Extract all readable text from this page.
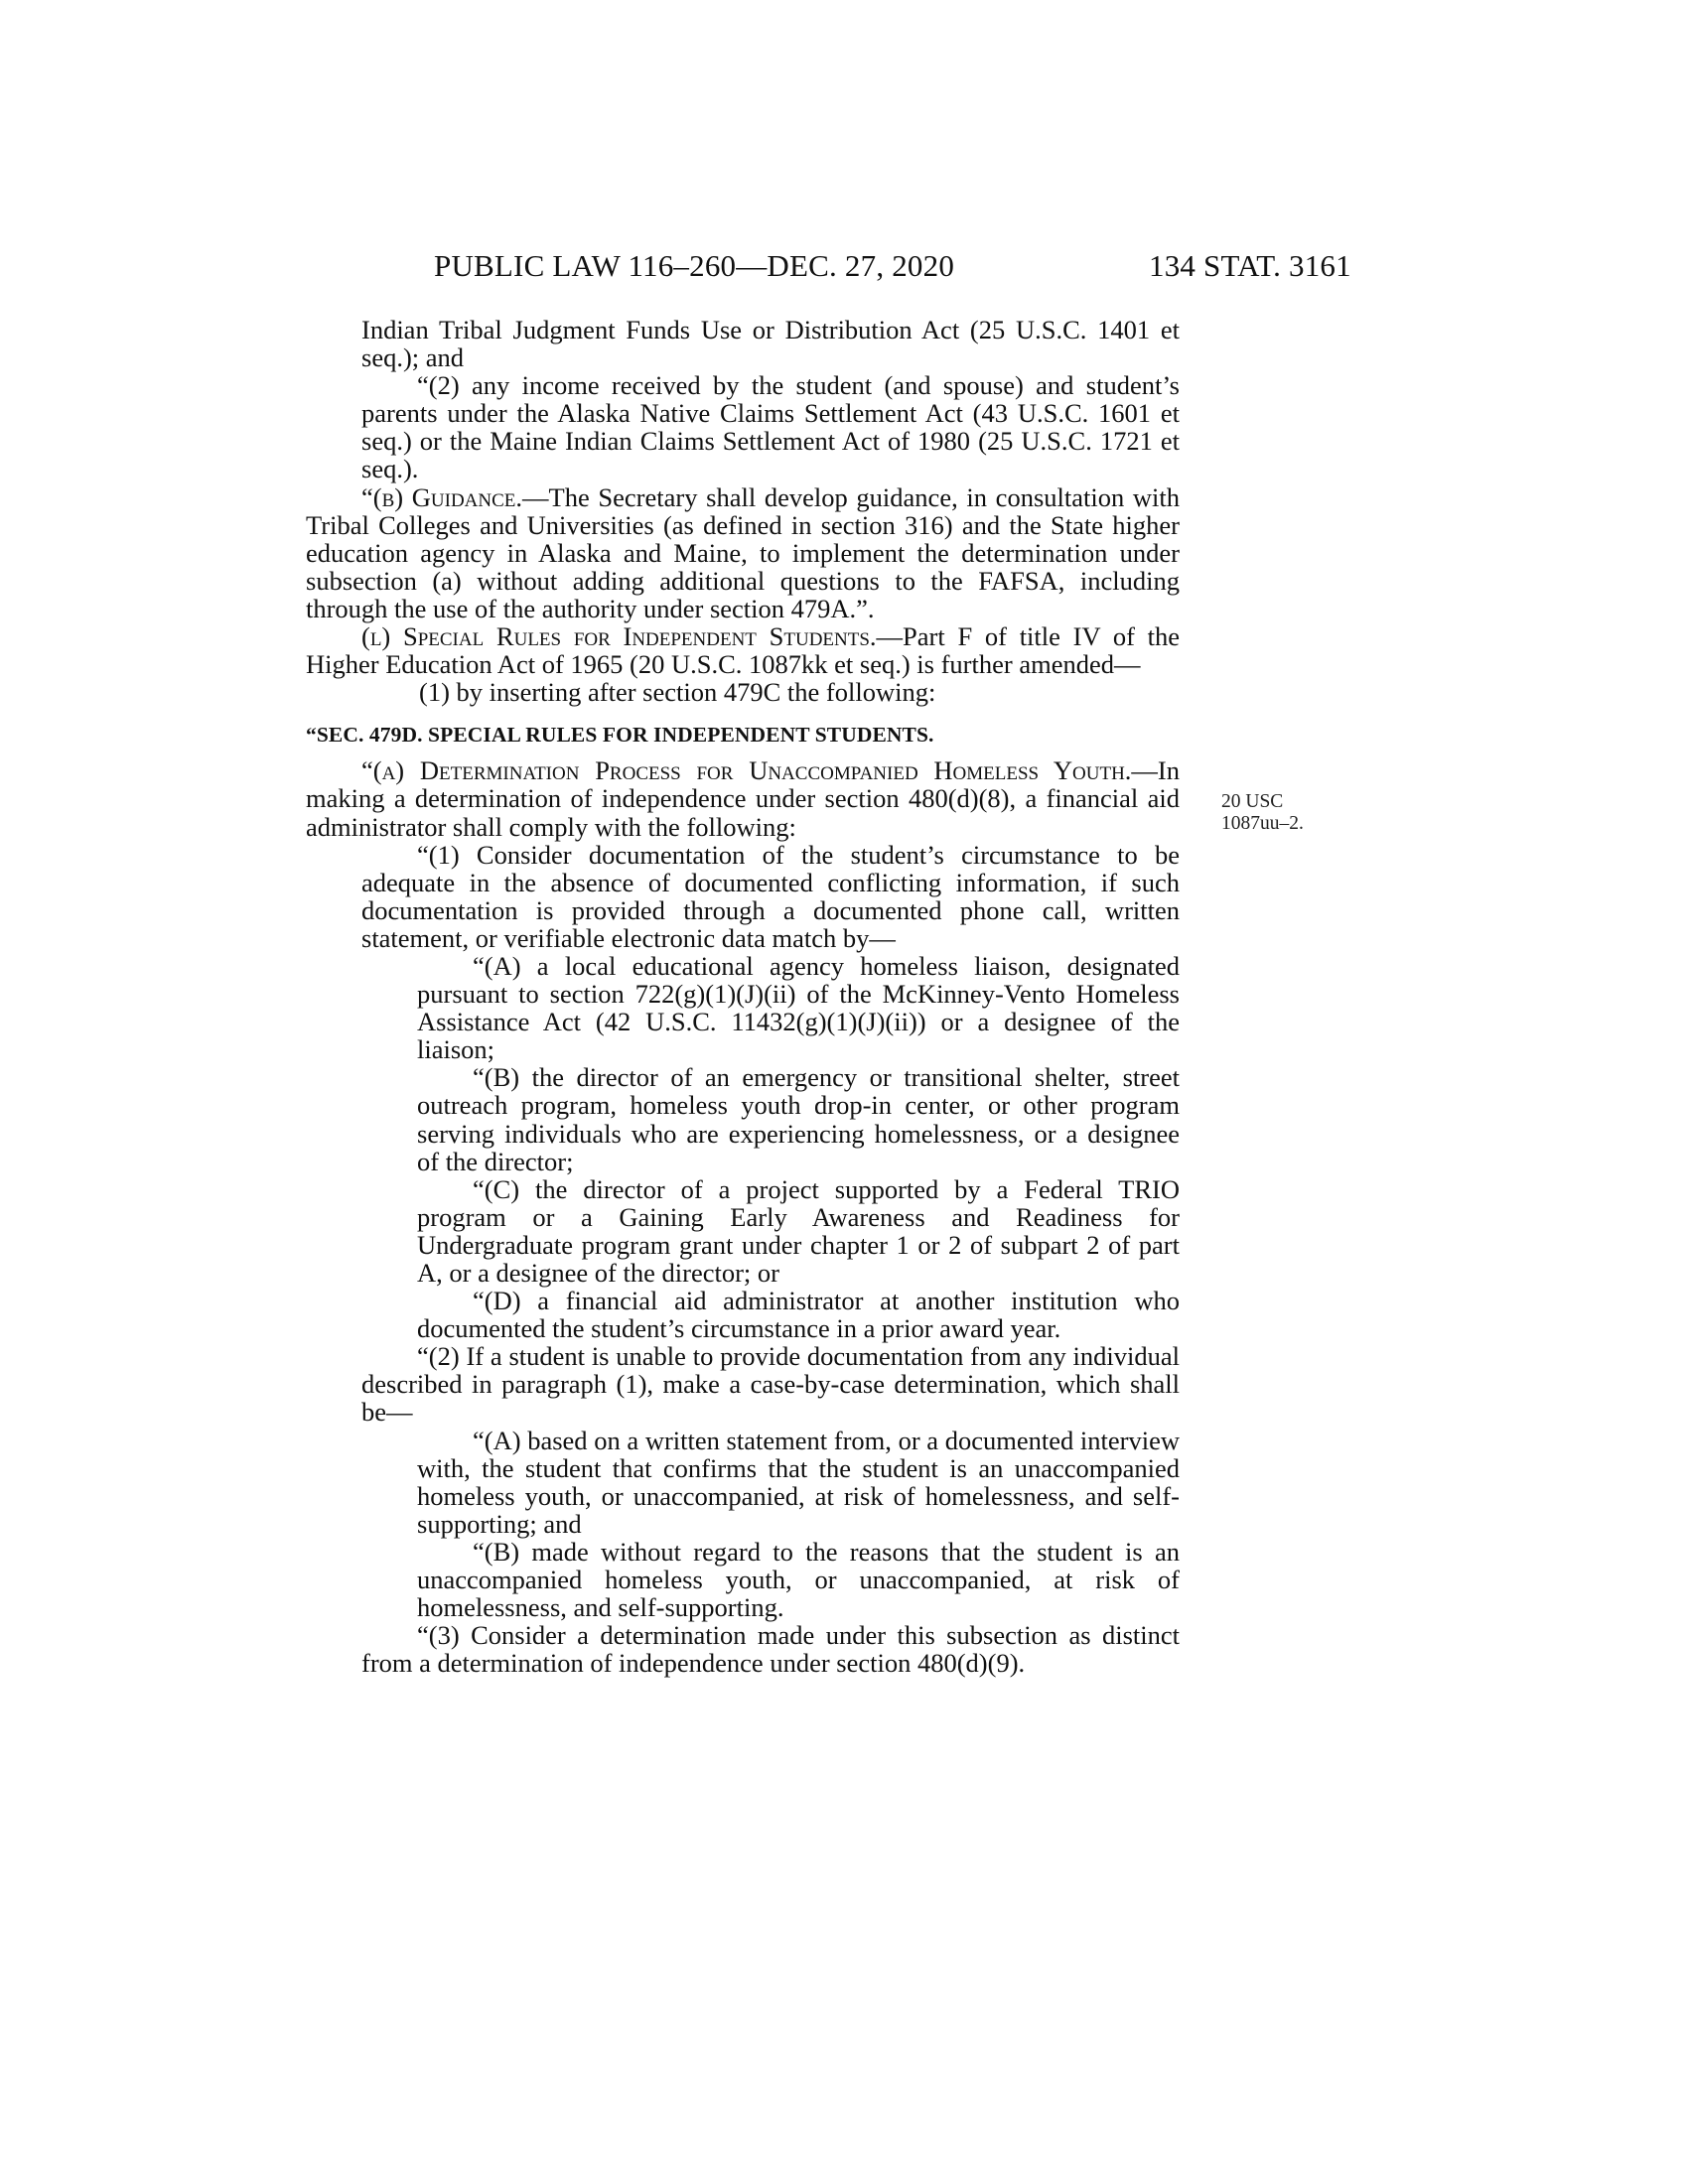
PUBLIC LAW 116–260—DEC. 27, 2020	134 STAT. 3161
20 USC
1087uu–2.

Indian Tribal Judgment Funds Use or Distribution Act (25 U.S.C. 1401 et seq.); and

“(2) any income received by the student (and spouse) and student’s parents under the Alaska Native Claims Settlement Act (43 U.S.C. 1601 et seq.) or the Maine Indian Claims Settlement Act of 1980 (25 U.S.C. 1721 et seq.).

“(b) Guidance.—The Secretary shall develop guidance, in consultation with Tribal Colleges and Universities (as defined in section 316) and the State higher education agency in Alaska and Maine, to implement the determination under subsection (a) without adding additional questions to the FAFSA, including through the use of the authority under section 479A.”.

(l) Special Rules for Independent Students.—Part F of title IV of the Higher Education Act of 1965 (20 U.S.C. 1087kk et seq.) is further amended—

(1) by inserting after section 479C the following:

“SEC. 479D. SPECIAL RULES FOR INDEPENDENT STUDENTS.

“(a) Determination Process for Unaccompanied Homeless Youth.—In making a determination of independence under section 480(d)(8), a financial aid administrator shall comply with the following:

“(1) Consider documentation of the student’s circumstance to be adequate in the absence of documented conflicting information, if such documentation is provided through a documented phone call, written statement, or verifiable electronic data match by—

“(A) a local educational agency homeless liaison, designated pursuant to section 722(g)(1)(J)(ii) of the McKinney-Vento Homeless Assistance Act (42 U.S.C. 11432(g)(1)(J)(ii)) or a designee of the liaison;

“(B) the director of an emergency or transitional shelter, street outreach program, homeless youth drop-in center, or other program serving individuals who are experiencing homelessness, or a designee of the director;

“(C) the director of a project supported by a Federal TRIO program or a Gaining Early Awareness and Readiness for Undergraduate program grant under chapter 1 or 2 of subpart 2 of part A, or a designee of the director; or

“(D) a financial aid administrator at another institution who documented the student’s circumstance in a prior award year.

“(2) If a student is unable to provide documentation from any individual described in paragraph (1), make a case-by-case determination, which shall be—

“(A) based on a written statement from, or a documented interview with, the student that confirms that the student is an unaccompanied homeless youth, or unaccompanied, at risk of homelessness, and self-supporting; and

“(B) made without regard to the reasons that the student is an unaccompanied homeless youth, or unaccompanied, at risk of homelessness, and self-supporting.

“(3) Consider a determination made under this subsection as distinct from a determination of independence under section 480(d)(9).
